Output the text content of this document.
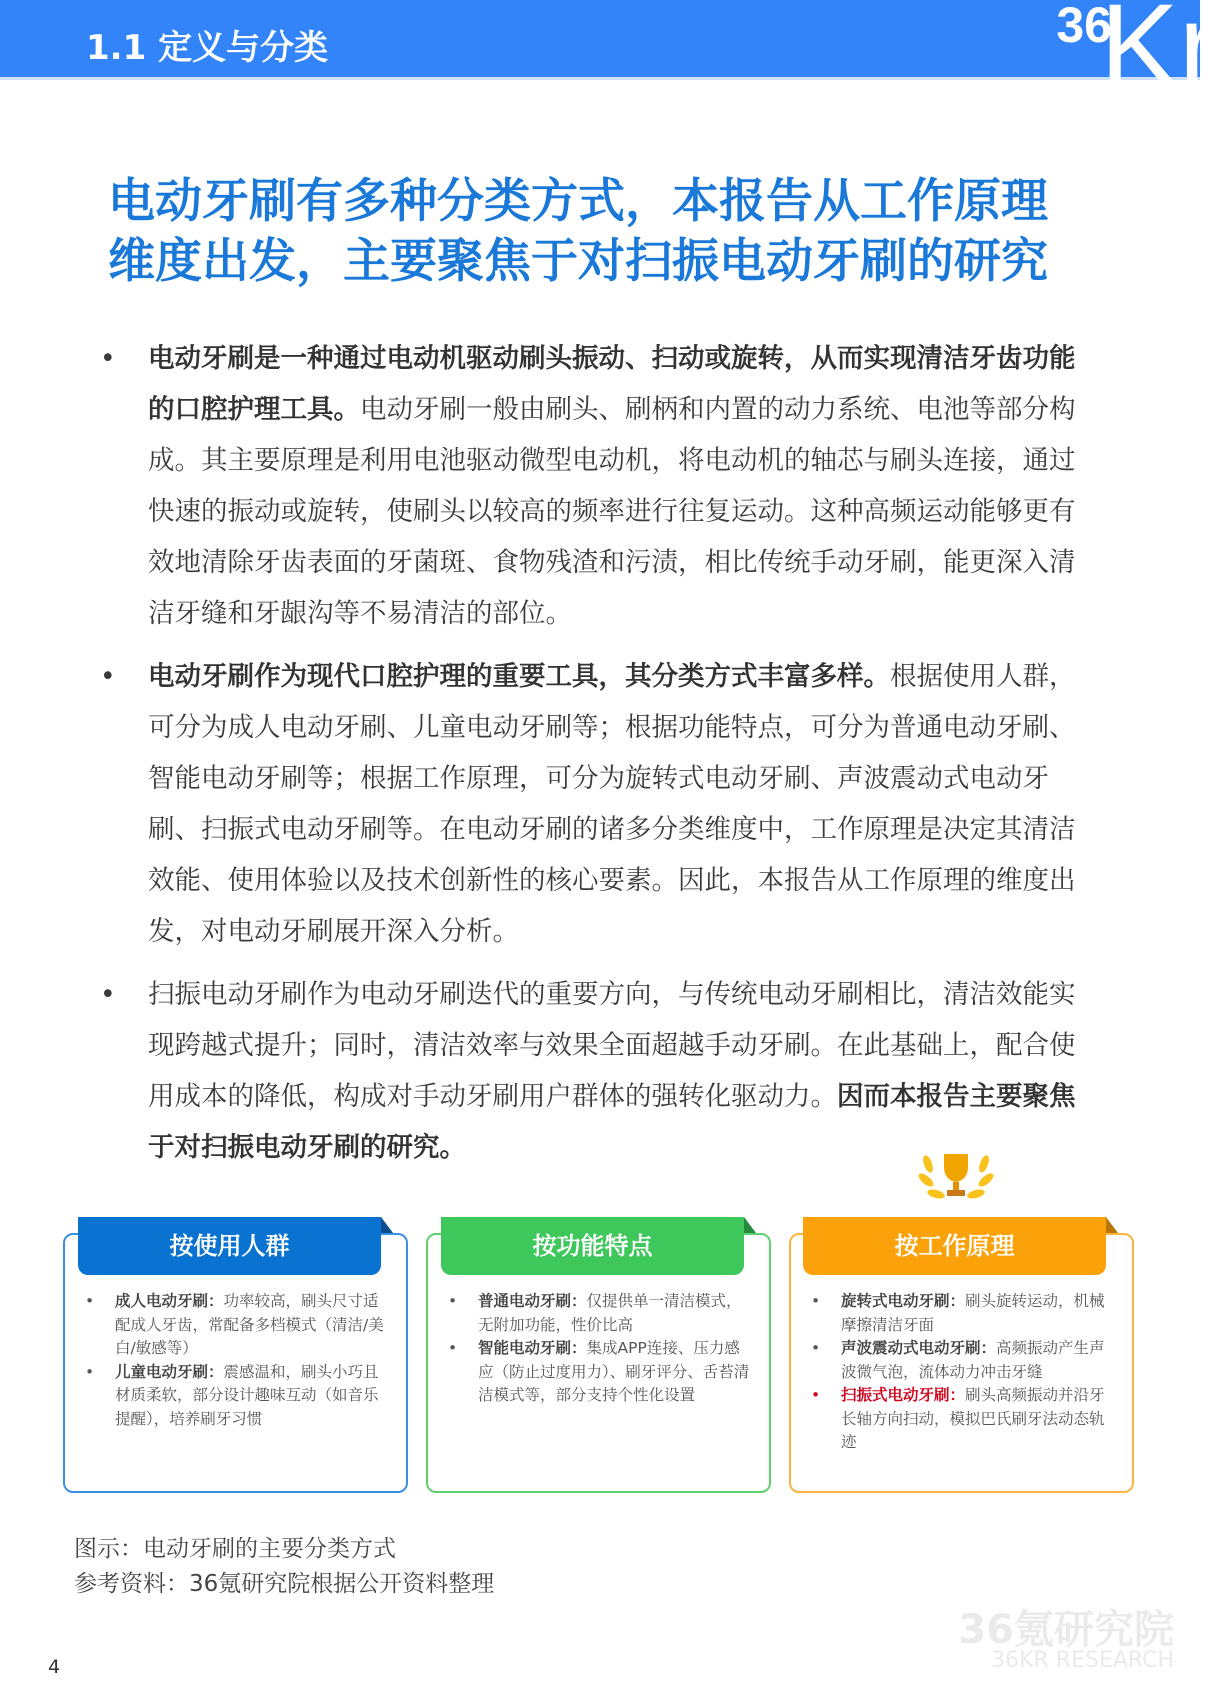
1.1 定义与分类	36
Kr
电动牙刷有多种分类方式，本报告从工作原理
维度出发，主要聚焦于对扫振电动牙刷的研究
• 电动牙刷是一种通过电动机驱动刷头振动、扫动或旋转，从而实现清洁牙齿功能的口腔护理工具。电动牙刷一般由刷头、刷柄和内置的动力系统、电池等部分构成。其主要原理是利用电池驱动微型电动机，将电动机的轴芯与刷头连接，通过快速的振动或旋转，使刷头以较高的频率进行往复运动。这种高频运动能够更有效地清除牙齿表面的牙菌斑、食物残渣和污渍，相比传统手动牙刷，能更深入清洁牙缝和牙龈沟等不易清洁的部位。
• 电动牙刷作为现代口腔护理的重要工具，其分类方式丰富多样。根据使用人群，可分为成人电动牙刷、儿童电动牙刷等；根据功能特点，可分为普通电动牙刷、智能电动牙刷等；根据工作原理，可分为旋转式电动牙刷、声波震动式电动牙刷、扫振式电动牙刷等。在电动牙刷的诸多分类维度中，工作原理是决定其清洁效能、使用体验以及技术创新性的核心要素。因此，本报告从工作原理的维度出发，对电动牙刷展开深入分析。
• 扫振电动牙刷作为电动牙刷迭代的重要方向，与传统电动牙刷相比，清洁效能实现跨越式提升；同时，清洁效率与效果全面超越手动牙刷。在此基础上，配合使用成本的降低，构成对手动牙刷用户群体的强转化驱动力。因而本报告主要聚焦于对扫振电动牙刷的研究。
• 成人电动牙刷：功率较高，刷头尺寸适配成人牙齿，常配备多档模式（清洁/美白/敏感等）
• 儿童电动牙刷：震感温和，刷头小巧且材质柔软，部分设计趣味互动（如音乐提醒），培养刷牙习惯
按使用人群
• 普通电动牙刷：仅提供单一清洁模式，无附加功能，性价比高
• 智能电动牙刷：集成APP连接、压力感应（防止过度用力）、刷牙评分、舌苔清洁模式等，部分支持个性化设置
按功能特点
• 旋转式电动牙刷：刷头旋转运动，机械摩擦清洁牙面
• 声波震动式电动牙刷：高频振动产生声波微气泡，流体动力冲击牙缝
• 扫振式电动牙刷：刷头高频振动并沿牙长轴方向扫动，模拟巴氏刷牙法动态轨迹
按工作原理
图示：电动牙刷的主要分类方式
参考资料：36氪研究院根据公开资料整理
36氪研究院
36KR RESEARCH
4
